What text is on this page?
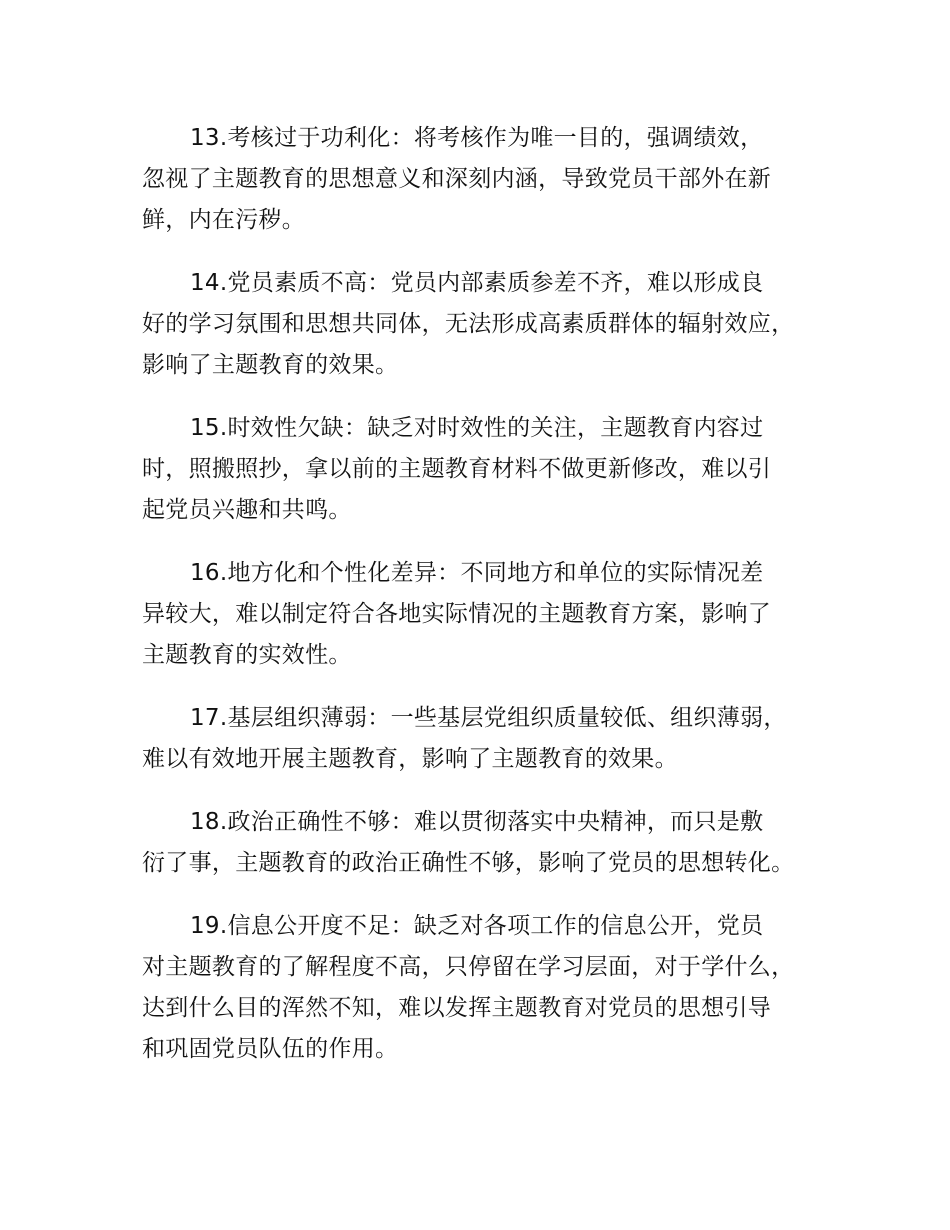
13.考核过于功利化：将考核作为唯一目的，强调绩效，
忽视了主题教育的思想意义和深刻内涵，导致党员干部外在新
鲜，内在污秽。
14.党员素质不高：党员内部素质参差不齐，难以形成良
好的学习氛围和思想共同体，无法形成高素质群体的辐射效应，
影响了主题教育的效果。
15.时效性欠缺：缺乏对时效性的关注，主题教育内容过
时，照搬照抄，拿以前的主题教育材料不做更新修改，难以引
起党员兴趣和共鸣。
16.地方化和个性化差异：不同地方和单位的实际情况差
异较大，难以制定符合各地实际情况的主题教育方案，影响了
主题教育的实效性。
17.基层组织薄弱：一些基层党组织质量较低、组织薄弱，
难以有效地开展主题教育，影响了主题教育的效果。
18.政治正确性不够：难以贯彻落实中央精神，而只是敷
衍了事，主题教育的政治正确性不够，影响了党员的思想转化。
19.信息公开度不足：缺乏对各项工作的信息公开，党员
对主题教育的了解程度不高，只停留在学习层面，对于学什么，
达到什么目的浑然不知，难以发挥主题教育对党员的思想引导
和巩固党员队伍的作用。
